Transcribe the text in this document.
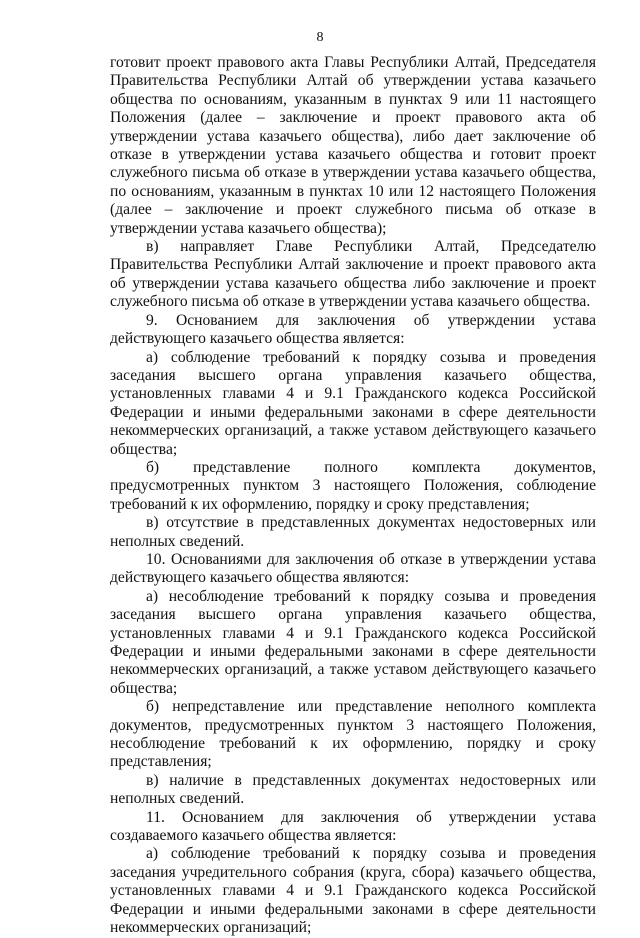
8

готовит проект правового акта Главы Республики Алтай, Председателя Правительства Республики Алтай об утверждении устава казачьего общества по основаниям, указанным в пунктах 9 или 11 настоящего Положения (далее – заключение и проект правового акта об утверждении устава казачьего общества), либо дает заключение об отказе в утверждении устава казачьего общества и готовит проект служебного письма об отказе в утверждении устава казачьего общества, по основаниям, указанным в пунктах 10 или 12 настоящего Положения (далее – заключение и проект служебного письма об отказе в утверждении устава казачьего общества);

в) направляет Главе Республики Алтай, Председателю Правительства Республики Алтай заключение и проект правового акта об утверждении устава казачьего общества либо заключение и проект служебного письма об отказе в утверждении устава казачьего общества.

9. Основанием для заключения об утверждении устава действующего казачьего общества является:

а) соблюдение требований к порядку созыва и проведения заседания высшего органа управления казачьего общества, установленных главами 4 и 9.1 Гражданского кодекса Российской Федерации и иными федеральными законами в сфере деятельности некоммерческих организаций, а также уставом действующего казачьего общества;

б) представление полного комплекта документов, предусмотренных пунктом 3 настоящего Положения, соблюдение требований к их оформлению, порядку и сроку представления;

в) отсутствие в представленных документах недостоверных или неполных сведений.

10. Основаниями для заключения об отказе в утверждении устава действующего казачьего общества являются:

а) несоблюдение требований к порядку созыва и проведения заседания высшего органа управления казачьего общества, установленных главами 4 и 9.1 Гражданского кодекса Российской Федерации и иными федеральными законами в сфере деятельности некоммерческих организаций, а также уставом действующего казачьего общества;

б) непредставление или представление неполного комплекта документов, предусмотренных пунктом 3 настоящего Положения, несоблюдение требований к их оформлению, порядку и сроку представления;

в) наличие в представленных документах недостоверных или неполных сведений.

11. Основанием для заключения об утверждении устава создаваемого казачьего общества является:

а) соблюдение требований к порядку созыва и проведения заседания учредительного собрания (круга, сбора) казачьего общества, установленных главами 4 и 9.1 Гражданского кодекса Российской Федерации и иными федеральными законами в сфере деятельности некоммерческих организаций;
